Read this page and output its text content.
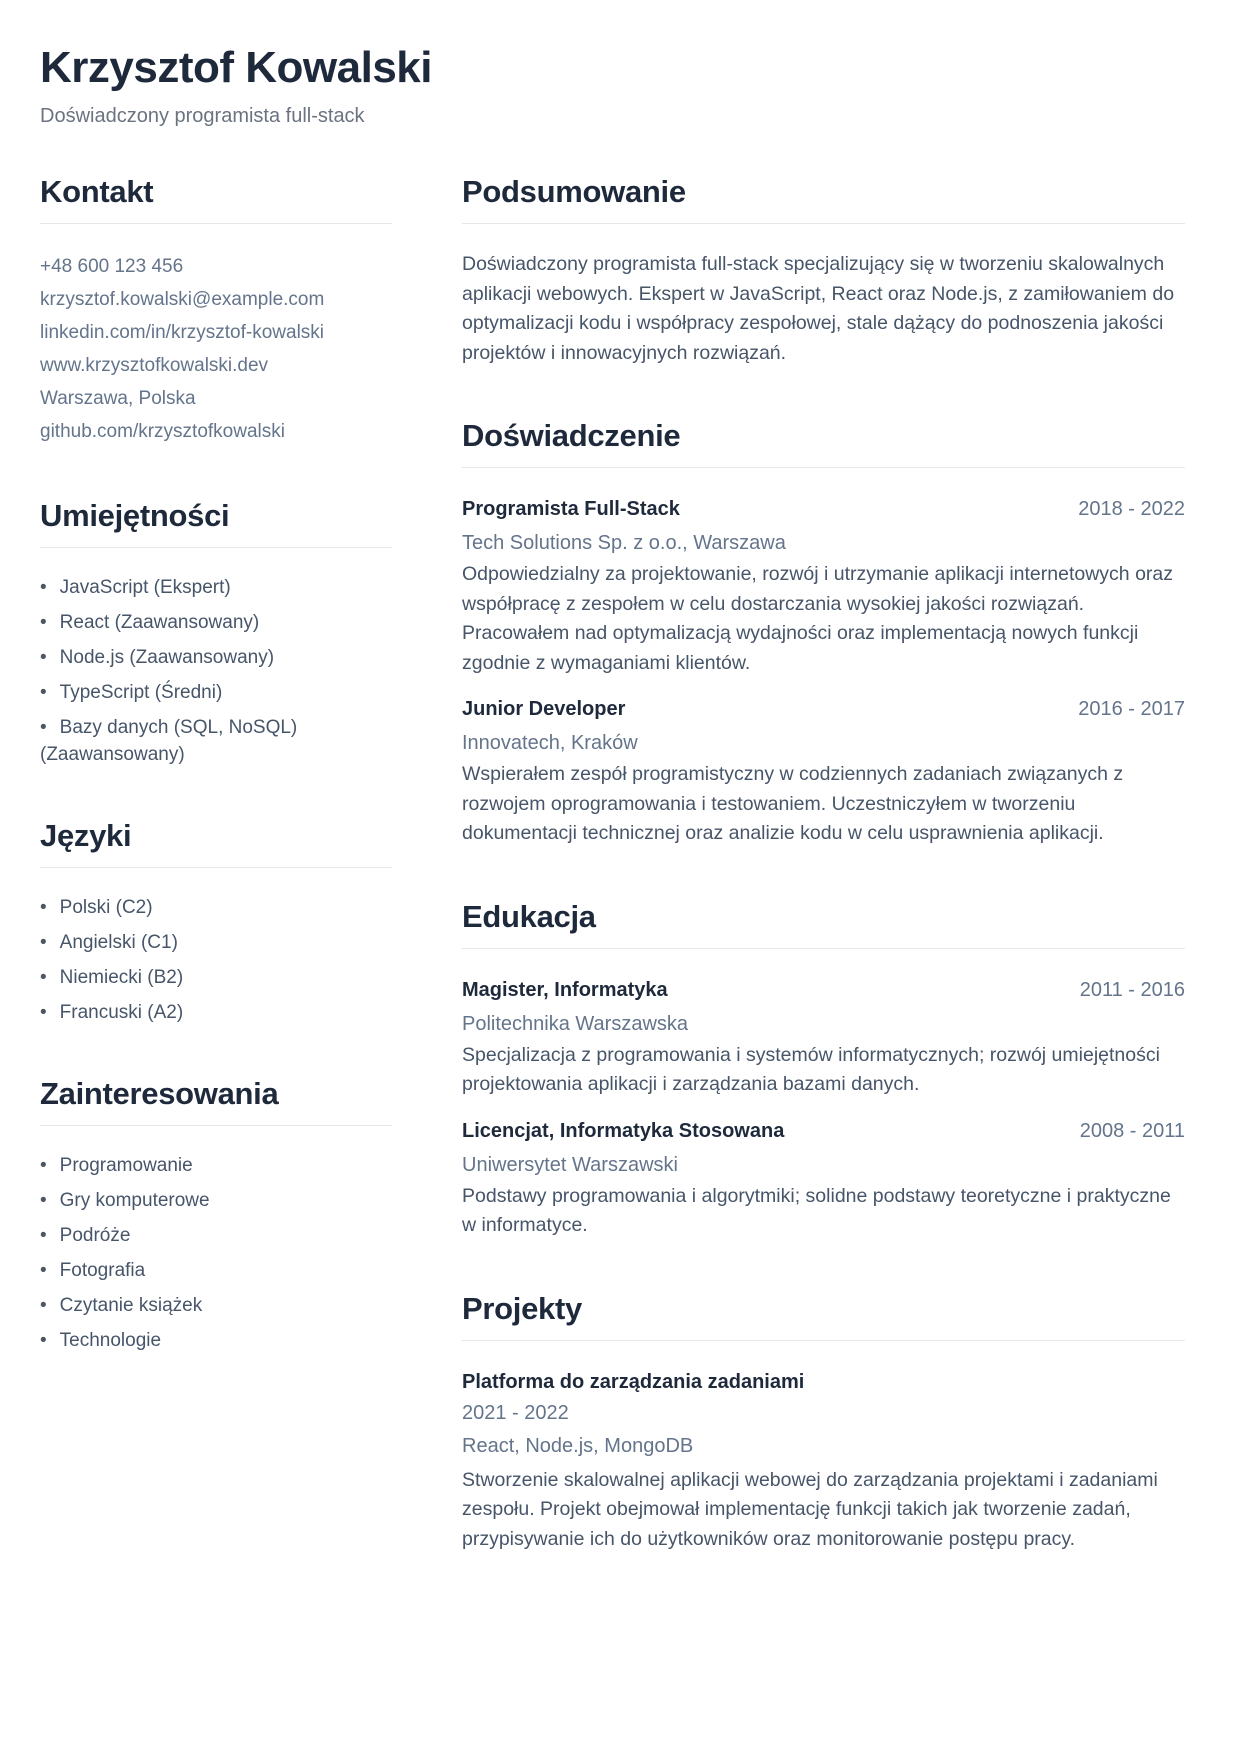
Krzysztof Kowalski

Doświadczony programista full-stack

Kontakt
+48 600 123 456
krzysztof.kowalski@example.com
linkedin.com/in/krzysztof-kowalski
www.krzysztofkowalski.dev
Warszawa, Polska
github.com/krzysztofkowalski
Umiejętności
• JavaScript (Ekspert)
• React (Zaawansowany)
• Node.js (Zaawansowany)
• TypeScript (Średni)
• Bazy danych (SQL, NoSQL) (Zaawansowany)
Języki
• Polski (C2)
• Angielski (C1)
• Niemiecki (B2)
• Francuski (A2)
Zainteresowania
• Programowanie
• Gry komputerowe
• Podróże
• Fotografia
• Czytanie książek
• Technologie
Podsumowanie

Doświadczony programista full-stack specjalizujący się w tworzeniu skalowalnych aplikacji webowych. Ekspert w JavaScript, React oraz Node.js, z zamiłowaniem do optymalizacji kodu i współpracy zespołowej, stale dążący do podnoszenia jakości projektów i innowacyjnych rozwiązań.

Doświadczenie
Programista Full-Stack	2018 - 2022
Tech Solutions Sp. z o.o., Warszawa

Odpowiedzialny za projektowanie, rozwój i utrzymanie aplikacji internetowych oraz współpracę z zespołem w celu dostarczania wysokiej jakości rozwiązań. Pracowałem nad optymalizacją wydajności oraz implementacją nowych funkcji zgodnie z wymaganiami klientów.

Junior Developer	2016 - 2017
Innovatech, Kraków

Wspierałem zespół programistyczny w codziennych zadaniach związanych z rozwojem oprogramowania i testowaniem. Uczestniczyłem w tworzeniu dokumentacji technicznej oraz analizie kodu w celu usprawnienia aplikacji.

Edukacja
Magister, Informatyka	2011 - 2016
Politechnika Warszawska

Specjalizacja z programowania i systemów informatycznych; rozwój umiejętności projektowania aplikacji i zarządzania bazami danych.

Licencjat, Informatyka Stosowana	2008 - 2011
Uniwersytet Warszawski

Podstawy programowania i algorytmiki; solidne podstawy teoretyczne i praktyczne w informatyce.

Projekty
Platforma do zarządzania zadaniami
2021 - 2022
React, Node.js, MongoDB

Stworzenie skalowalnej aplikacji webowej do zarządzania projektami i zadaniami zespołu. Projekt obejmował implementację funkcji takich jak tworzenie zadań, przypisywanie ich do użytkowników oraz monitorowanie postępu pracy.
